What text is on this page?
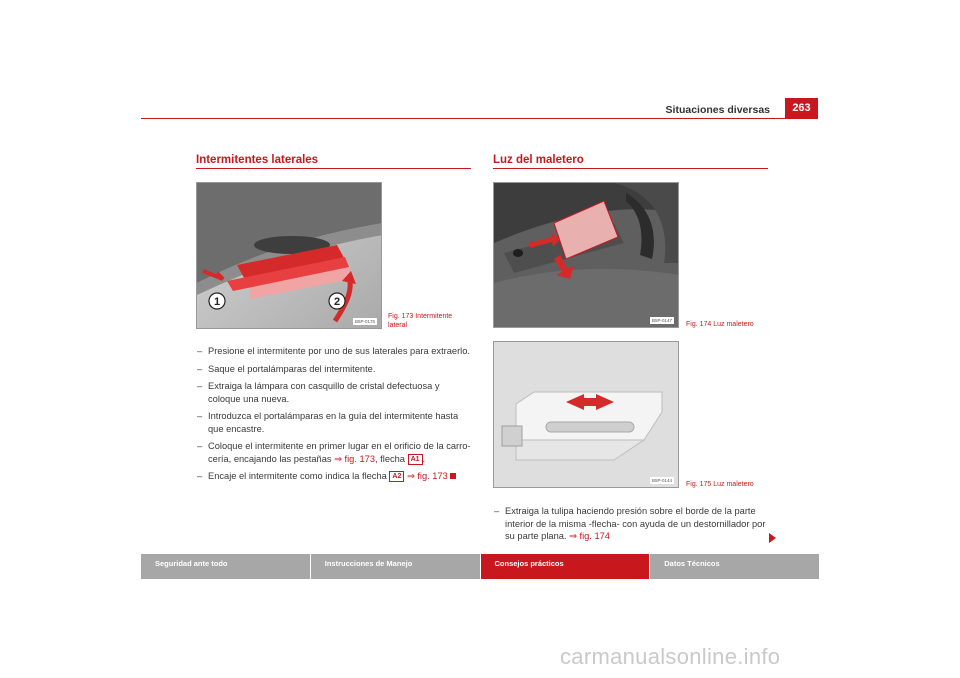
Situaciones diversas	263
Intermitentes laterales
1	2
B5P-0176
Fig. 173 Intermitente lateral
– Presione el intermitente por uno de sus laterales para extraerlo.
– Saque el portalámparas del intermitente.
– Extraiga la lámpara con casquillo de cristal defectuosa y coloque una nueva.
– Introduzca el portalámparas en la guía del intermitente hasta que encastre.
– Coloque el intermitente en primer lugar en el orificio de la carro-cería, encajando las pestañas ⇒ fig. 173, flecha A1 .
– Encaje el intermitente como indica la flecha A2 ⇒ fig. 173
Luz del maletero
B5P-0147
Fig. 174 Luz maletero
B5P-0144
Fig. 175 Luz maletero
– Extraiga la tulipa haciendo presión sobre el borde de la parte interior de la misma -flecha- con ayuda de un destornillador por su parte plana. ⇒ fig. 174
Seguridad ante todo	Instrucciones de Manejo	Consejos prácticos	Datos Técnicos
carmanualsonline.info
